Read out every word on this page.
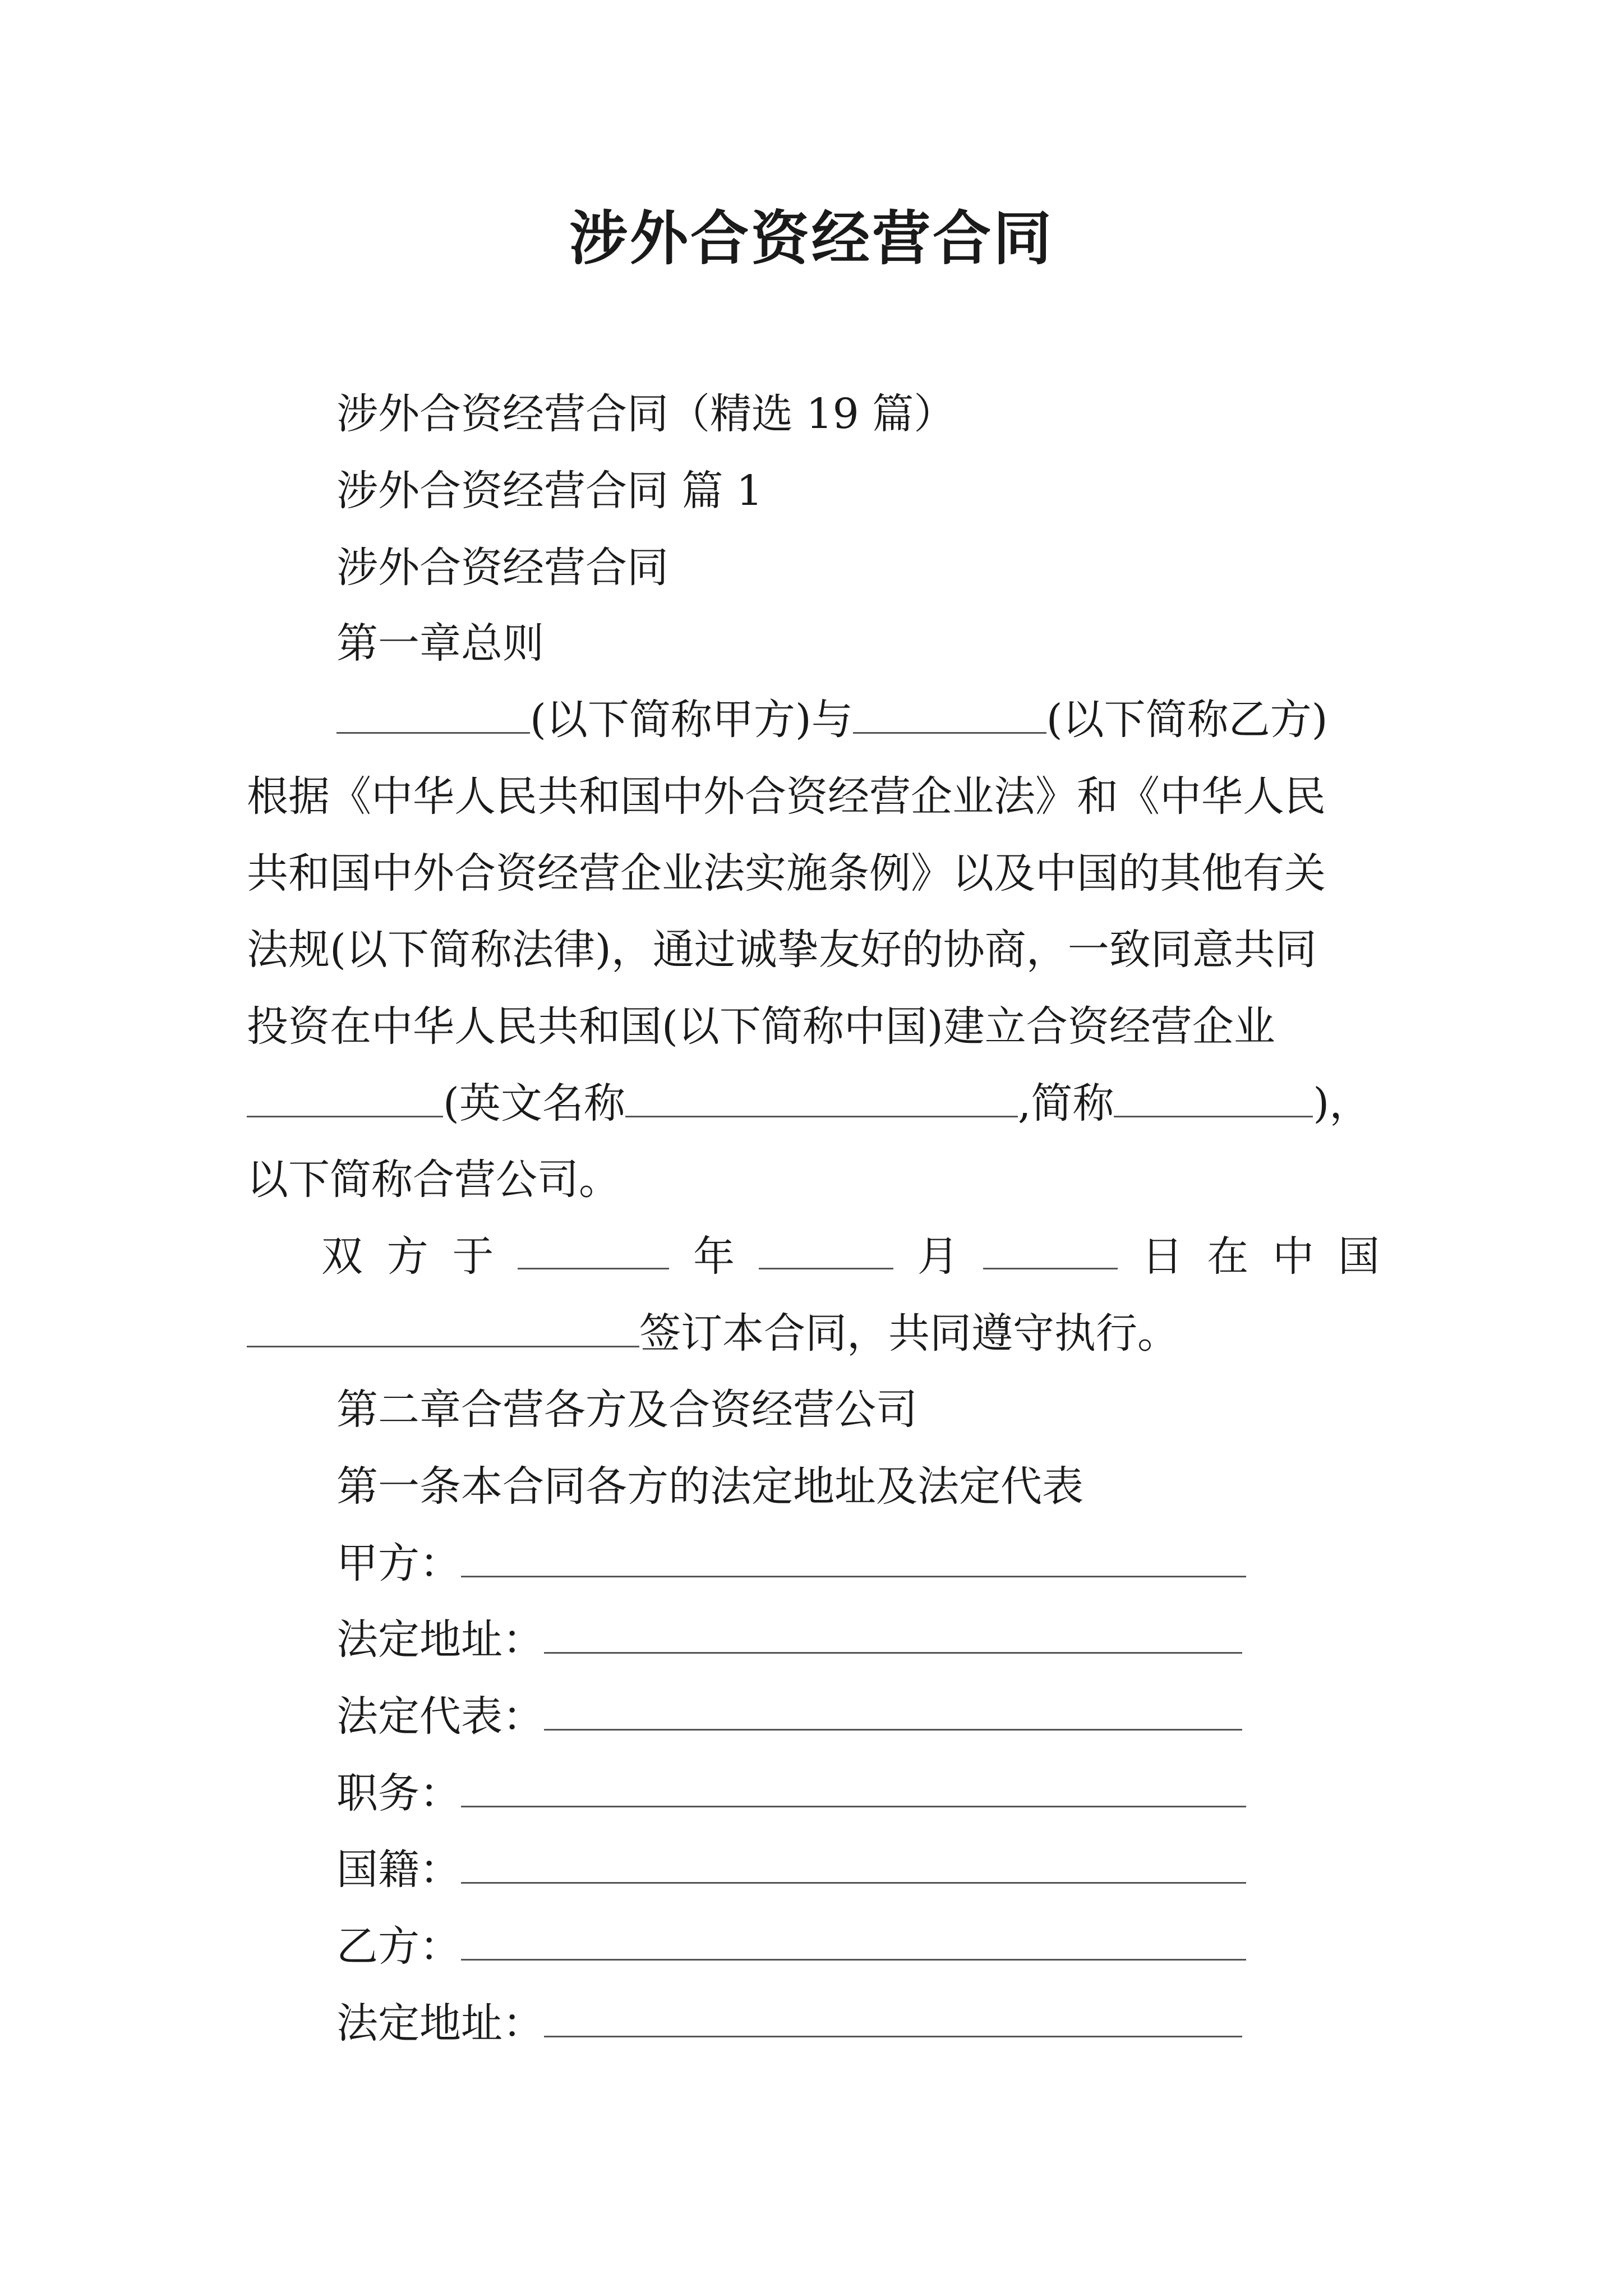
涉外合资经营合同
涉外合资经营合同（精选 19 篇）
涉外合资经营合同 篇 1
涉外合资经营合同
第一章总则
(以下简称甲方)与	(以下简称乙方)
根据《中华人民共和国中外合资经营企业法》和《中华人民
共和国中外合资经营企业法实施条例》以及中国的其他有关
法规(以下简称法律)，通过诚挚友好的协商，一致同意共同
投资在中华人民共和国(以下简称中国)建立合资经营企业
(英文名称	,简称	)，
以下简称合营公司。
双 方 于	年	月	日 在 中 国
签订本合同，共同遵守执行。
第二章合营各方及合资经营公司
第一条本合同各方的法定地址及法定代表
甲方：
法定地址：
法定代表：
职务：
国籍：
乙方：
法定地址：
